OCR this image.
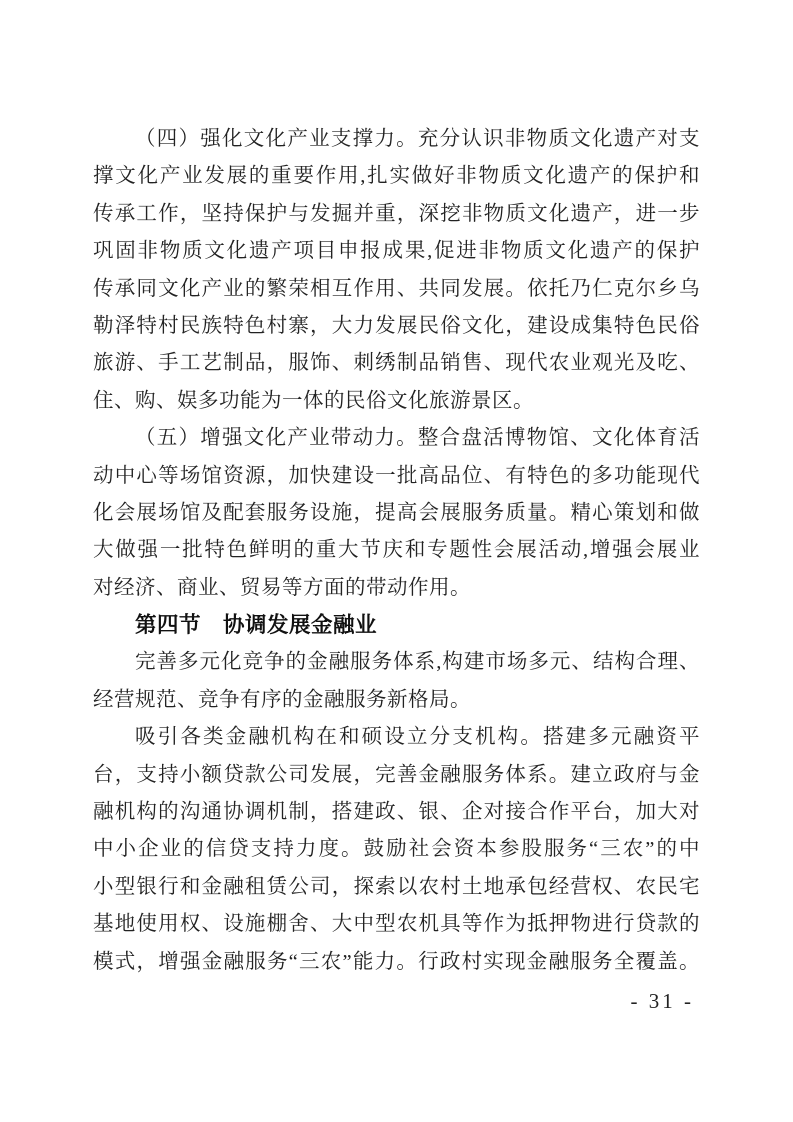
（四）强化文化产业支撑力。充分认识非物质文化遗产对支
撑文化产业发展的重要作用,扎实做好非物质文化遗产的保护和
传承工作，坚持保护与发掘并重，深挖非物质文化遗产，进一步
巩固非物质文化遗产项目申报成果,促进非物质文化遗产的保护
传承同文化产业的繁荣相互作用、共同发展。依托乃仁克尔乡乌
勒泽特村民族特色村寨，大力发展民俗文化，建设成集特色民俗
旅游、手工艺制品，服饰、刺绣制品销售、现代农业观光及吃、
住、购、娱多功能为一体的民俗文化旅游景区。
（五）增强文化产业带动力。整合盘活博物馆、文化体育活
动中心等场馆资源，加快建设一批高品位、有特色的多功能现代
化会展场馆及配套服务设施，提高会展服务质量。精心策划和做
大做强一批特色鲜明的重大节庆和专题性会展活动,增强会展业
对经济、商业、贸易等方面的带动作用。
第四节　协调发展金融业
完善多元化竞争的金融服务体系,构建市场多元、结构合理、
经营规范、竞争有序的金融服务新格局。
吸引各类金融机构在和硕设立分支机构。搭建多元融资平
台，支持小额贷款公司发展，完善金融服务体系。建立政府与金
融机构的沟通协调机制，搭建政、银、企对接合作平台，加大对
中小企业的信贷支持力度。鼓励社会资本参股服务“三农”的中
小型银行和金融租赁公司，探索以农村土地承包经营权、农民宅
基地使用权、设施棚舍、大中型农机具等作为抵押物进行贷款的
模式，增强金融服务“三农”能力。行政村实现金融服务全覆盖。
- 31 -
